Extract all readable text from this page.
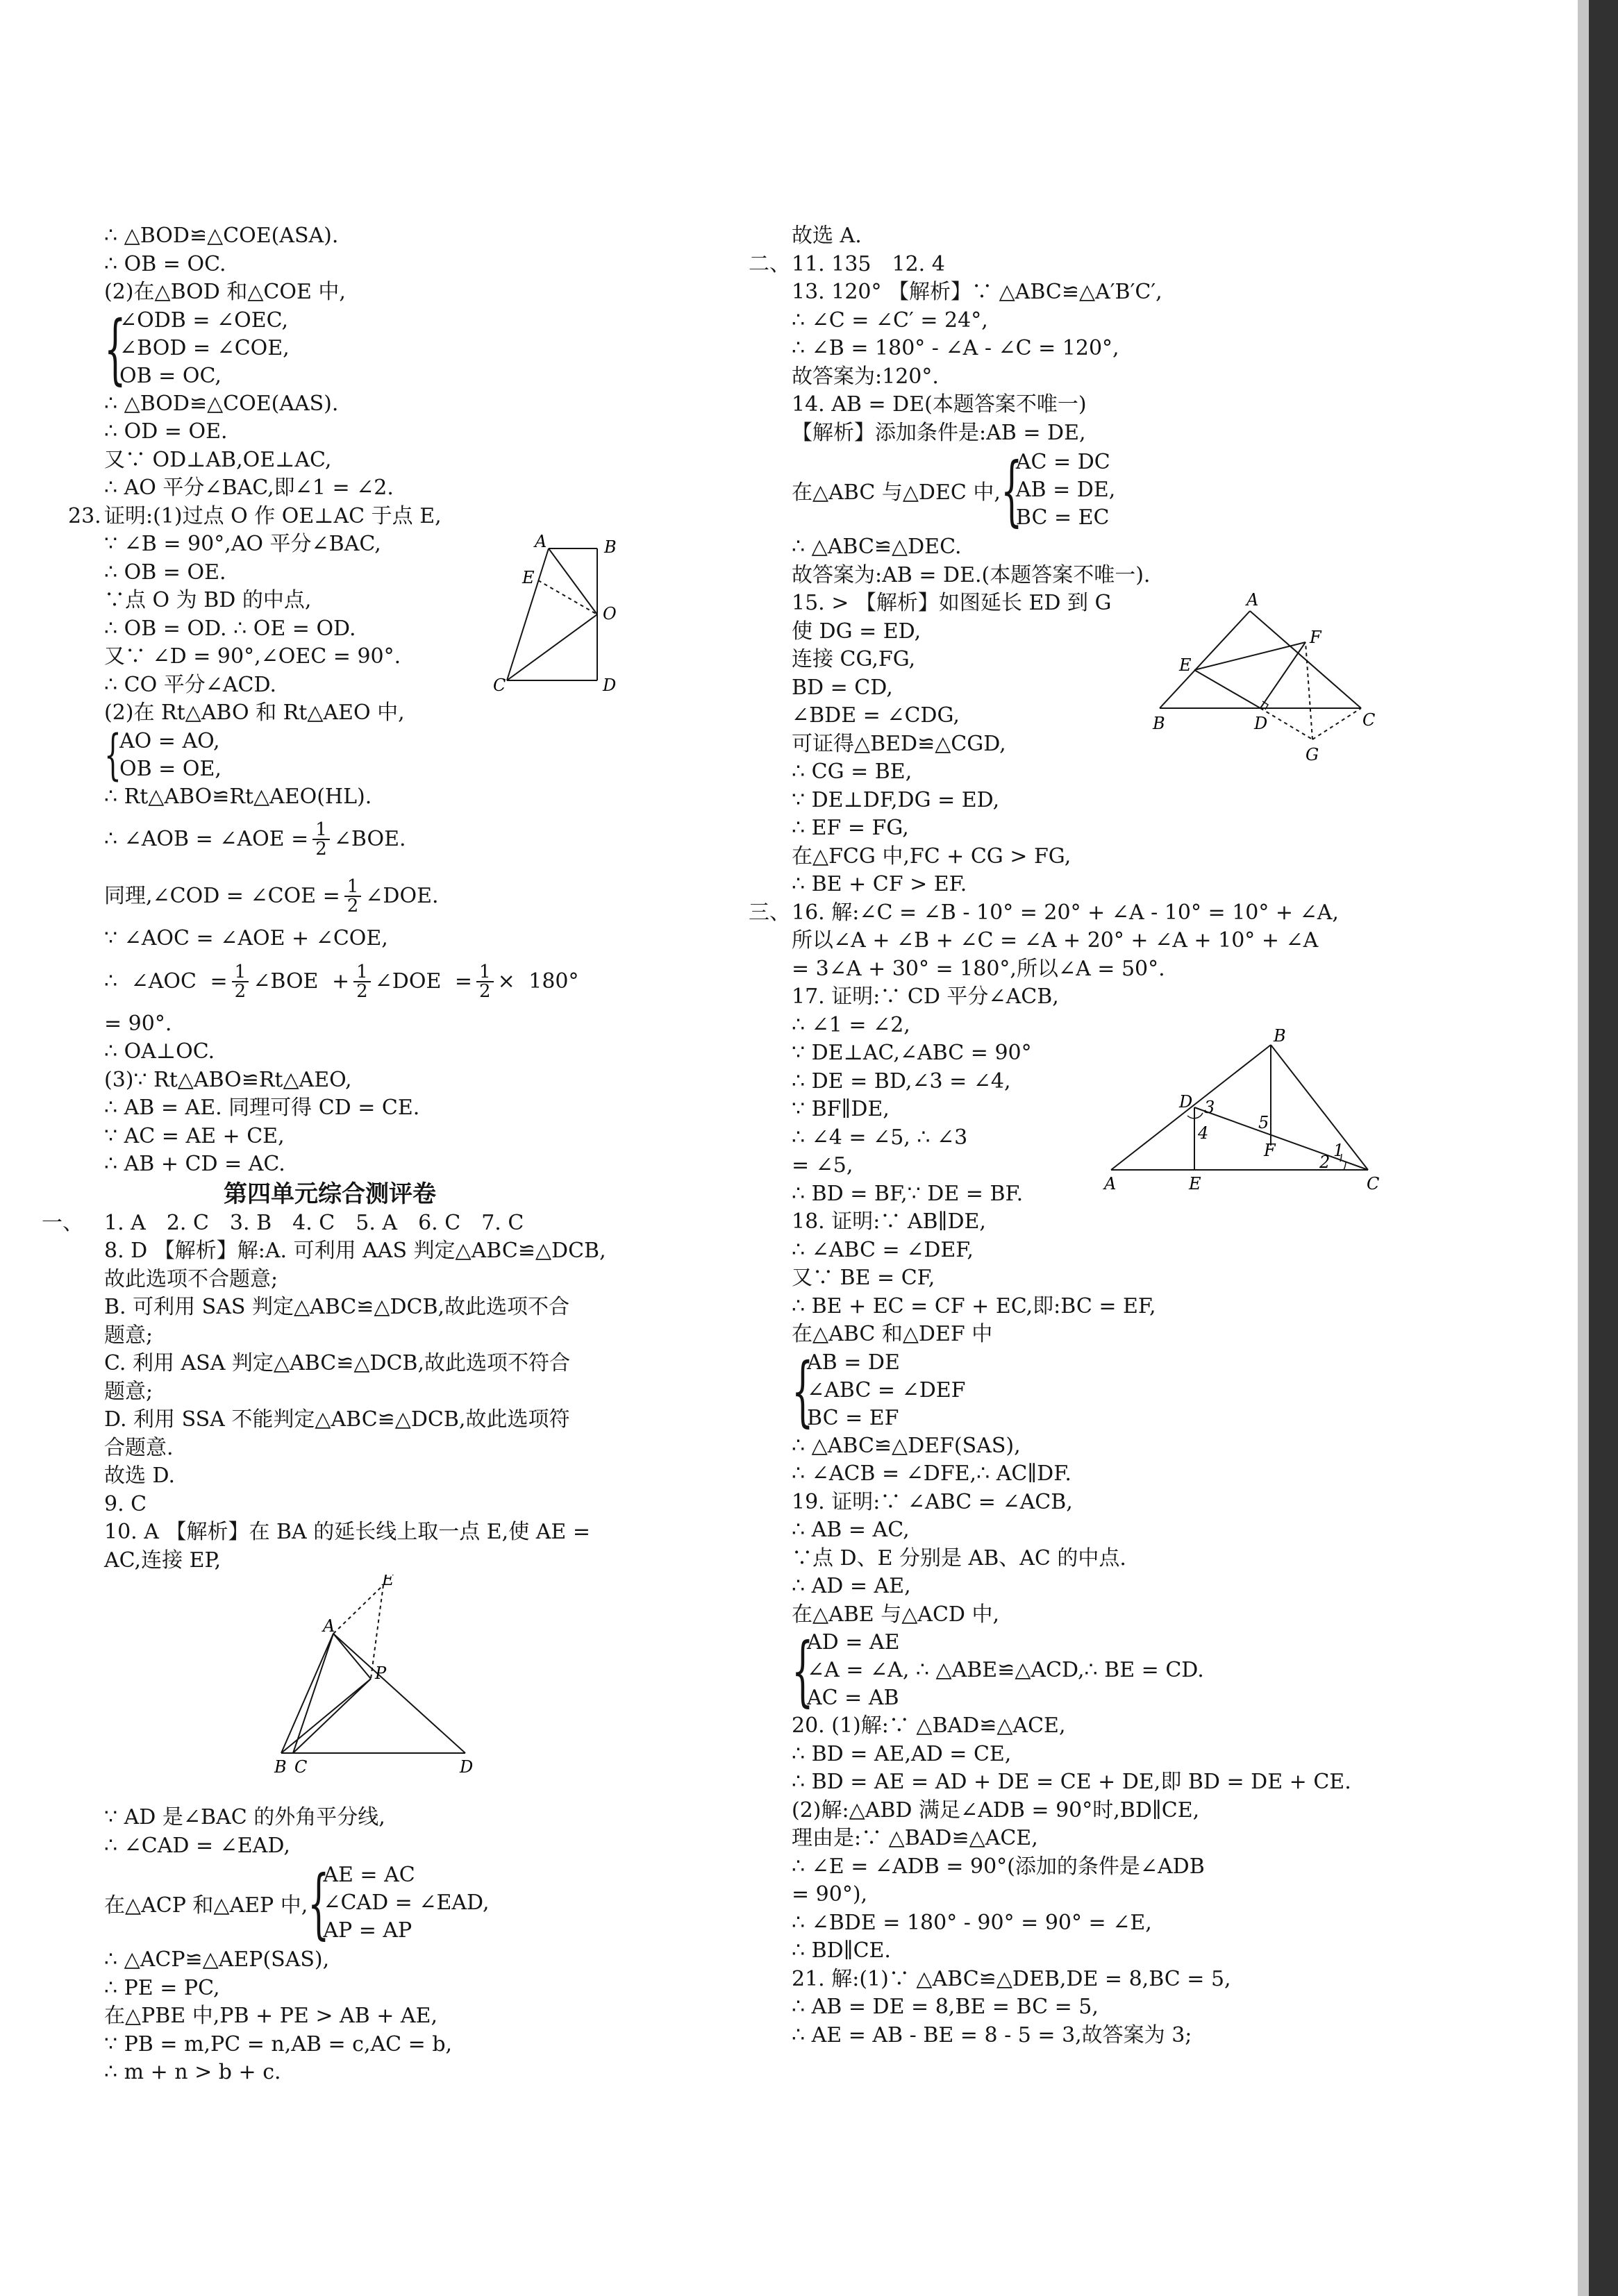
∴ △BOD≌△COE(ASA).
∴ OB = OC.
(2)在△BOD 和△COE 中,
{
∠ODB = ∠OEC,
∠BOD = ∠COE,
OB = OC,
∴ △BOD≌△COE(AAS).
∴ OD = OE.
又∵ OD⊥AB,OE⊥AC,
∴ AO 平分∠BAC,即∠1 = ∠2.
23. 证明:(1)过点 O 作 OE⊥AC 于点 E,
∵ ∠B = 90°,AO 平分∠BAC,
∴ OB = OE.
∵点 O 为 BD 的中点,
∴ OB = OD. ∴ OE = OD.
又∵ ∠D = 90°,∠OEC = 90°.
∴ CO 平分∠ACD.
(2)在 Rt△ABO 和 Rt△AEO 中,
{
AO = AO,
OB = OE,
∴ Rt△ABO≌Rt△AEO(HL).
∴ ∠AOB = ∠AOE = $\frac{1}{2}$ ∠BOE.
同理,∠COD = ∠COE = $\frac{1}{2}$ ∠DOE.
∵ ∠AOC = ∠AOE + ∠COE,
∴ ∠AOC = $\frac{1}{2}$ ∠BOE + $\frac{1}{2}$ ∠DOE = $\frac{1}{2} \times 180^\circ$
= 90°.
∴ OA⊥OC.
(3)∵ Rt△ABO≌Rt△AEO,
∴ AB = AE. 同理可得 CD = CE.
∵ AC = AE + CE,
∴ AB + CD = AC.
第四单元综合测评卷
一、 1. A　2. C　3. B　4. C　5. A　6. C　7. C
8. D 【解析】解:A. 可利用 AAS 判定△ABC≌△DCB,
故此选项不合题意;
B. 可利用 SAS 判定△ABC≌△DCB,故此选项不合
题意;
C. 利用 ASA 判定△ABC≌△DCB,故此选项不符合
题意;
D. 利用 SSA 不能判定△ABC≌△DCB,故此选项符
合题意.
故选 D.
9. C
10. A 【解析】在 BA 的延长线上取一点 E,使 AE =
AC,连接 EP,
E
A
P
B C	D
∵ AD 是∠BAC 的外角平分线,
∴ ∠CAD = ∠EAD,
在△ACP 和△AEP 中, {
AE = AC
∠CAD = ∠EAD,
AP = AP
∴ △ACP≌△AEP(SAS),
∴ PE = PC,
在△PBE 中,PB + PE > AB + AE,
∵ PB = m,PC = n,AB = c,AC = b,
∴ m + n > b + c.
A	B
E
O
C	D
故选 A.
二、 11. 135　12. 4
13. 120° 【解析】∵ △ABC≌△A′B′C′,
∴ ∠C = ∠C′ = 24°,
∴ ∠B = 180° - ∠A - ∠C = 120°,
故答案为:120°.
14. AB = DE(本题答案不唯一)
【解析】添加条件是:AB = DE,
在△ABC 与△DEC 中, {
AC = DC
AB = DE,
BC = EC
∴ △ABC≌△DEC.
故答案为:AB = DE.(本题答案不唯一).
15. > 【解析】如图延长 ED 到 G
使 DG = ED,
连接 CG,FG,
BD = CD,
∠BDE = ∠CDG,
可证得△BED≌△CGD,
∴ CG = BE,
∵ DE⊥DF,DG = ED,
∴ EF = FG,
在△FCG 中,FC + CG > FG,
∴ BE + CF > EF.
三、 16. 解:∠C = ∠B - 10° = 20° + ∠A - 10° = 10° + ∠A,
所以∠A + ∠B + ∠C = ∠A + 20° + ∠A + 10° + ∠A
= 3∠A + 30° = 180°,所以∠A = 50°.
17. 证明:∵ CD 平分∠ACB,
∴ ∠1 = ∠2,
∵ DE⊥AC,∠ABC = 90°
∴ DE = BD,∠3 = ∠4,
∵ BF∥DE,
∴ ∠4 = ∠5, ∴ ∠3
= ∠5,
∴ BD = BF,∵ DE = BF.
18. 证明:∵ AB∥DE,
∴ ∠ABC = ∠DEF,
又∵ BE = CF,
∴ BE + EC = CF + EC,即:BC = EF,
在△ABC 和△DEF 中
{
AB = DE
∠ABC = ∠DEF
BC = EF
∴ △ABC≌△DEF(SAS),
∴ ∠ACB = ∠DFE,∴ AC∥DF.
19. 证明:∵ ∠ABC = ∠ACB,
∴ AB = AC,
∵点 D、E 分别是 AB、AC 的中点.
∴ AD = AE,
在△ABE 与△ACD 中,
{
AD = AE
∠A = ∠A, ∴ △ABE≌△ACD,∴ BE = CD.
AC = AB
20. (1)解:∵ △BAD≌△ACE,
∴ BD = AE,AD = CE,
∴ BD = AE = AD + DE = CE + DE,即 BD = DE + CE.
(2)解:△ABD 满足∠ADB = 90°时,BD∥CE,
理由是:∵ △BAD≌△ACE,
∴ ∠E = ∠ADB = 90°(添加的条件是∠ADB
= 90°),
∴ ∠BDE = 180° - 90° = 90° = ∠E,
∴ BD∥CE.
21. 解:(1)∵ △ABC≌△DEB,DE = 8,BC = 5,
∴ AB = DE = 8,BE = BC = 5,
∴ AE = AB - BE = 8 - 5 = 3,故答案为 3;
A
E
F
B	D	C
G
B
D 3
4
5
F	1
2
A	E	C
